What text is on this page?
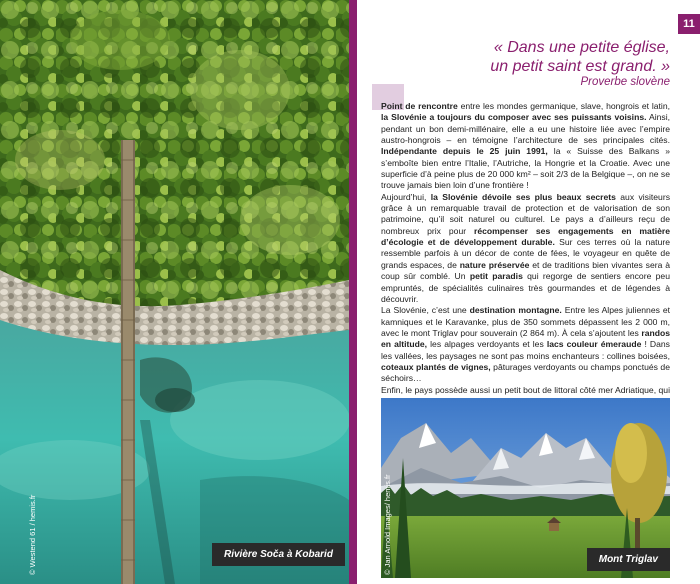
Rivière Soča à Kobarid
© Westend 61 / hemis.fr
11
« Dans une petite église, un petit saint est grand. »
Proverbe slovène

Point de rencontre entre les mondes germanique, slave, hongrois et latin, la Slovénie a toujours du composer avec ses puissants voisins. Ainsi, pendant un bon demi-millénaire, elle a eu une histoire liée avec l’empire austro-hongrois – en témoigne l’architecture de ses principales cités. Indépendante depuis le 25 juin 1991, la « Suisse des Balkans » s’emboîte bien entre l’Italie, l’Autriche, la Hongrie et la Croatie. Avec une superficie d’à peine plus de 20 000 km² – soit 2/3 de la Belgique –, on ne se trouve jamais bien loin d’une frontière !

Aujourd’hui, la Slovénie dévoile ses plus beaux secrets aux visiteurs grâce à un remarquable travail de protection et de valorisation de son patrimoine, qu’il soit naturel ou culturel. Le pays a d’ailleurs reçu de nombreux prix pour récompenser ses engagements en matière d’écologie et de développement durable. Sur ces terres où la nature ressemble parfois à un décor de conte de fées, le voyageur en quête de grands espaces, de nature préservée et de traditions bien vivantes sera à coup sûr comblé. Un petit paradis qui regorge de sentiers encore peu empruntés, de spécialités culinaires très gourmandes et de légendes à découvrir.

La Slovénie, c’est une destination montagne. Entre les Alpes juliennes et kamniques et le Karavanke, plus de 350 sommets dépassent les 2 000 m, avec le mont Triglav pour souverain (2 864 m). À cela s’ajoutent les randos en altitude, les alpages verdoyants et les lacs couleur émeraude ! Dans les vallées, les paysages ne sont pas moins enchanteurs : collines boisées, coteaux plantés de vignes, pâturages verdoyants ou champs ponctués de séchoirs…

Enfin, le pays possède aussi un petit bout de littoral côté mer Adriatique, qui

Mont Triglav
© Jan Arnold Images/ hemis.fr
